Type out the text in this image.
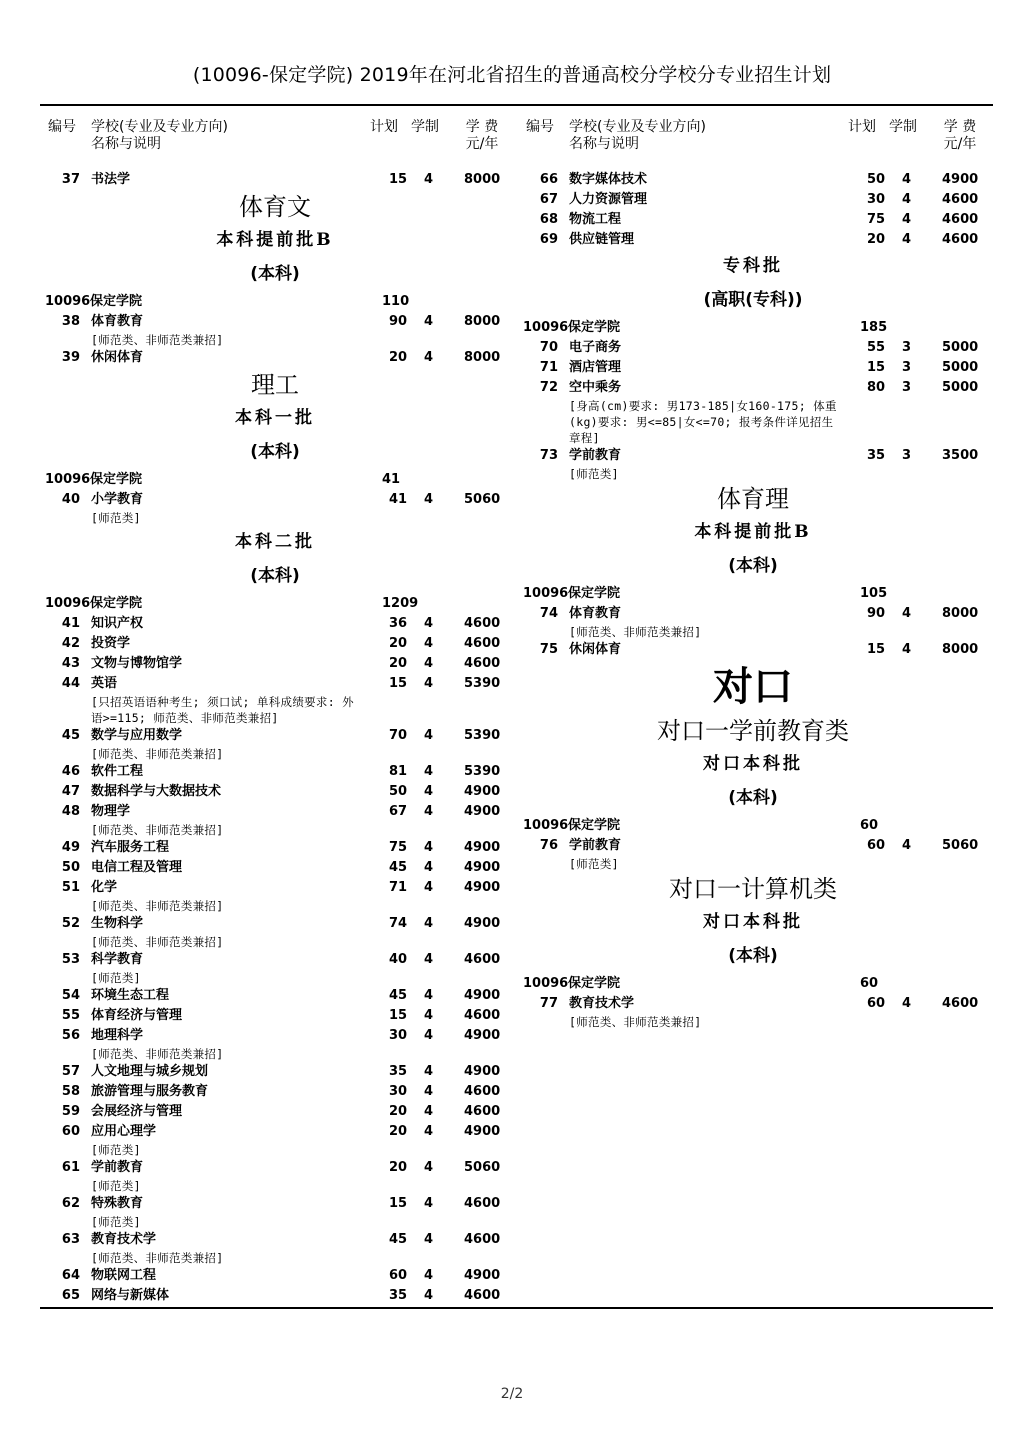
(10096-保定学院) 2019年在河北省招生的普通高校分学校分专业招生计划
编号 学校(专业及专业方向)
名称与说明
计划 学制	学 费
元/年
37 书法学	15 4 8000
体育文
本科提前批B
(本科)
10096 保定学院	110
38 体育教育	90 4 8000
[师范类、非师范类兼招]
39 休闲体育	20 4 8000
理工
本科一批
(本科)
10096 保定学院	41
40 小学教育	41 4 5060
[师范类]
本科二批
(本科)
10096 保定学院	1209
41 知识产权	36 4 4600
42 投资学	20 4 4600
43 文物与博物馆学	20 4 4600
44 英语	15 4 5390
[只招英语语种考生; 须口试; 单科成绩要求: 外语>=115; 师范类、非师范类兼招]
45 数学与应用数学	70 4 5390
[师范类、非师范类兼招]
46 软件工程	81 4 5390
47 数据科学与大数据技术	50 4 4900
48 物理学	67 4 4900
[师范类、非师范类兼招]
49 汽车服务工程	75 4 4900
50 电信工程及管理	45 4 4900
51 化学	71 4 4900
[师范类、非师范类兼招]
52 生物科学	74 4 4900
[师范类、非师范类兼招]
53 科学教育	40 4 4600
[师范类]
54 环境生态工程	45 4 4900
55 体育经济与管理	15 4 4600
56 地理科学	30 4 4900
[师范类、非师范类兼招]
57 人文地理与城乡规划	35 4 4900
58 旅游管理与服务教育	30 4 4600
59 会展经济与管理	20 4 4600
60 应用心理学	20 4 4900
[师范类]
61 学前教育	20 4 5060
[师范类]
62 特殊教育	15 4 4600
[师范类]
63 教育技术学	45 4 4600
[师范类、非师范类兼招]
64 物联网工程	60 4 4900
65 网络与新媒体	35 4 4600
编号 学校(专业及专业方向)
名称与说明
计划 学制	学 费
元/年
66 数字媒体技术	50 4 4900
67 人力资源管理	30 4 4600
68 物流工程	75 4 4600
69 供应链管理	20 4 4600
专科批
(高职(专科))
10096 保定学院	185
70 电子商务	55 3 5000
71 酒店管理	15 3 5000
72 空中乘务	80 3 5000
[身高(cm)要求: 男173-185|女160-175; 体重(kg)要求: 男<=85|女<=70; 报考条件详见招生章程]
73 学前教育	35 3 3500
[师范类]
体育理
本科提前批B
(本科)
10096 保定学院	105
74 体育教育	90 4 8000
[师范类、非师范类兼招]
75 休闲体育	15 4 8000
对口
对口一学前教育类
对口本科批
(本科)
10096 保定学院	60
76 学前教育	60 4 5060
[师范类]
对口一计算机类
对口本科批
(本科)
10096 保定学院	60
77 教育技术学	60 4 4600
[师范类、非师范类兼招]
2/2
